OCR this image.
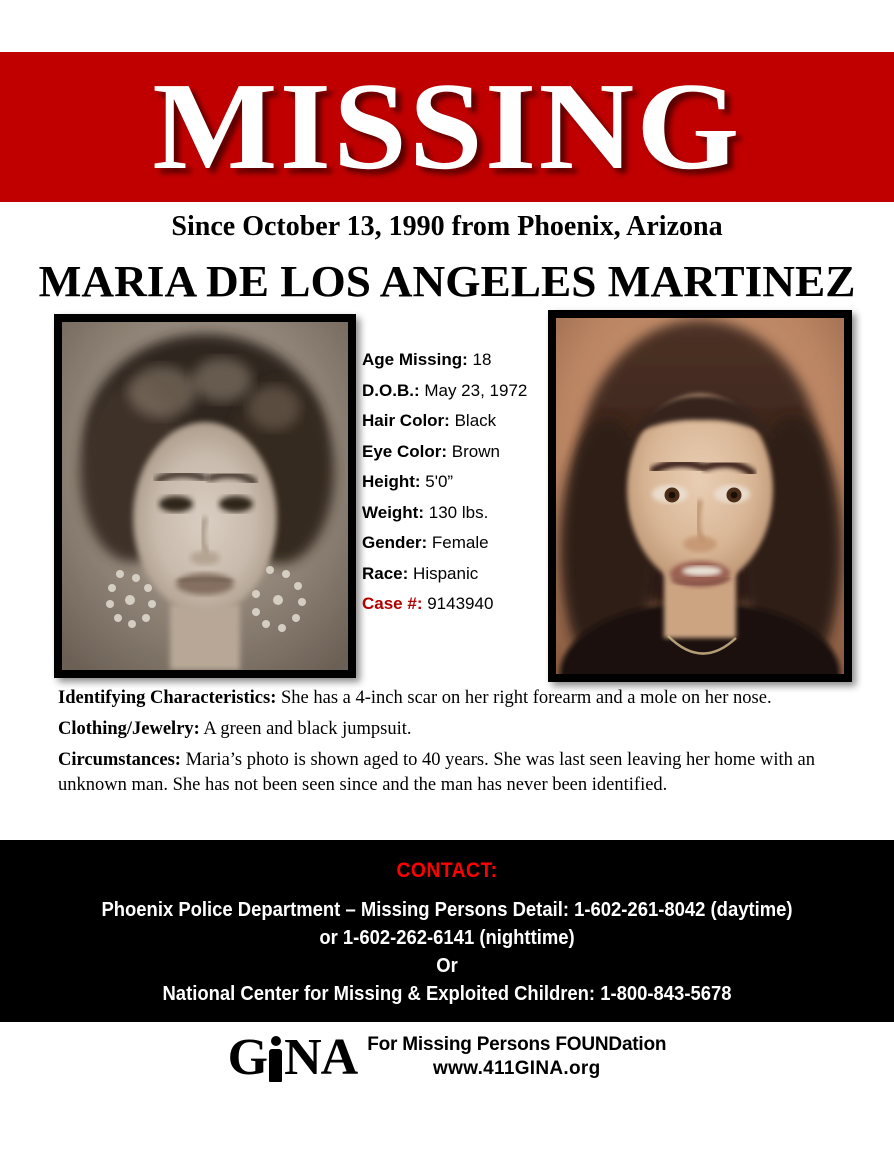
MISSING
Since October 13, 1990 from Phoenix, Arizona
MARIA DE LOS ANGELES MARTINEZ
Age Missing: 18
D.O.B.: May 23, 1972
Hair Color: Black
Eye Color: Brown
Height: 5'0”
Weight: 130 lbs.
Gender: Female
Race: Hispanic
Case #: 9143940

Identifying Characteristics: She has a 4-inch scar on her right forearm and a mole on her nose.

Clothing/Jewelry: A green and black jumpsuit.

Circumstances: Maria’s photo is shown aged to 40 years. She was last seen leaving her home with an unknown man. She has not been seen since and the man has never been identified.

CONTACT:
Phoenix Police Department – Missing Persons Detail: 1-602-261-8042 (daytime)
or 1-602-262-6141 (nighttime)
Or
National Center for Missing & Exploited Children: 1-800-843-5678
G NA For Missing Persons FOUNDation
www.411GINA.org
